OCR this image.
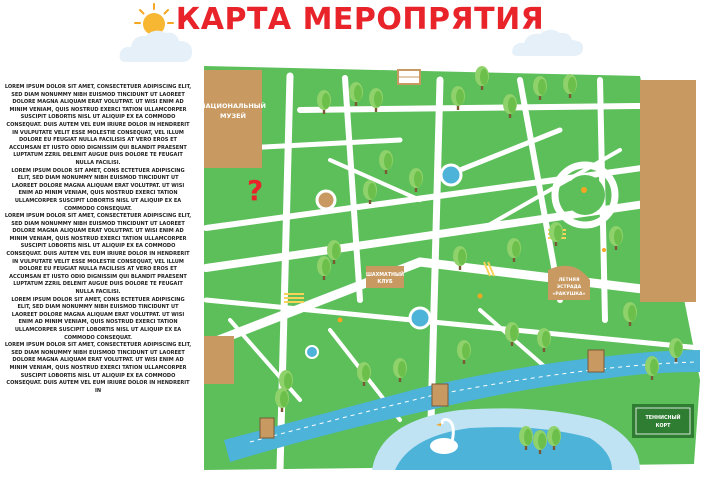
КАРТА МЕРОПРЯТИЯ

LOREM IPSUM DOLOR SIT AMET, CONSECTETUER ADIPISCING ELIT, SED DIAM NONUMMY NIBH EUISMOD TINCIDUNT UT LAOREET DOLORE MAGNA ALIQUAM ERAT VOLUTPAT. UT WISI ENIM AD MINIM VENIAM, QUIS NOSTRUD EXERCI TATION ULLAMCORPER SUSCIPIT LOBORTIS NISL UT ALIQUIP EX EA COMMODO CONSEQUAT. DUIS AUTEM VEL EUM IRIURE DOLOR IN HENDRERIT IN VULPUTATE VELIT ESSE MOLESTIE CONSEQUAT, VEL ILLUM DOLORE EU FEUGIAT NULLA FACILISIS AT VERO EROS ET ACCUMSAN ET IUSTO ODIO DIGNISSIM QUI BLANDIT PRAESENT LUPTATUM ZZRIL DELENIT AUGUE DUIS DOLORE TE FEUGAIT NULLA FACILISI.

LOREM IPSUM DOLOR SIT AMET, CONS ECTETUER ADIPISCING ELIT, SED DIAM NONUMMY NIBH EUISMOD TINCIDUNT UT LAOREET DOLORE MAGNA ALIQUAM ERAT VOLUTPAT. UT WISI ENIM AD MINIM VENIAM, QUIS NOSTRUD EXERCI TATION ULLAMCORPER SUSCIPIT LOBORTIS NISL UT ALIQUIP EX EA COMMODO CONSEQUAT.

LOREM IPSUM DOLOR SIT AMET, CONSECTETUER ADIPISCING ELIT, SED DIAM NONUMMY NIBH EUISMOD TINCIDUNT UT LAOREET DOLORE MAGNA ALIQUAM ERAT VOLUTPAT. UT WISI ENIM AD MINIM VENIAM, QUIS NOSTRUD EXERCI TATION ULLAMCORPER SUSCIPIT LOBORTIS NISL UT ALIQUIP EX EA COMMODO CONSEQUAT. DUIS AUTEM VEL EUM IRIURE DOLOR IN HENDRERIT IN VULPUTATE VELIT ESSE MOLESTIE CONSEQUAT, VEL ILLUM DOLORE EU FEUGIAT NULLA FACILISIS AT VERO EROS ET ACCUMSAN ET IUSTO ODIO DIGNISSIM QUI BLANDIT PRAESENT LUPTATUM ZZRIL DELENIT AUGUE DUIS DOLORE TE FEUGAIT NULLA FACILISI.

LOREM IPSUM DOLOR SIT AMET, CONS ECTETUER ADIPISCING ELIT, SED DIAM NONUMMY NIBH EUISMOD TINCIDUNT UT LAOREET DOLORE MAGNA ALIQUAM ERAT VOLUTPAT. UT WISI ENIM AD MINIM VENIAM, QUIS NOSTRUD EXERCI TATION ULLAMCORPER SUSCIPIT LOBORTIS NISL UT ALIQUIP EX EA COMMODO CONSEQUAT.

LOREM IPSUM DOLOR SIT AMET, CONSECTETUER ADIPISCING ELIT, SED DIAM NONUMMY NIBH EUISMOD TINCIDUNT UT LAOREET DOLORE MAGNA ALIQUAM ERAT VOLUTPAT. UT WISI ENIM AD MINIM VENIAM, QUIS NOSTRUD EXERCI TATION ULLAMCORPER SUSCIPIT LOBORTIS NISL UT ALIQUIP EX EA COMMODO CONSEQUAT. DUIS AUTEM VEL EUM IRIURE DOLOR IN HENDRERIT IN

НАЦИОНАЛЬНЫЙ
МУЗЕЙ
ШАХМАТНЫЙ
КЛУБ	ЛЕТНЯЯ
ЭСТРАДА
«РАКУШКА»
ТЕННИСНЫЙ
КОРТ
?
